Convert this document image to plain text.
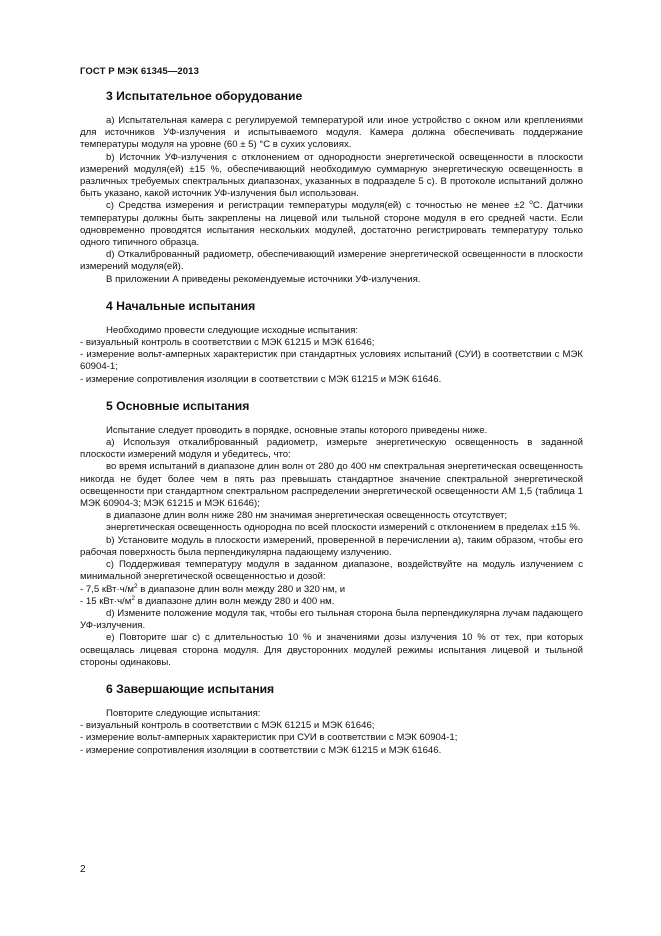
ГОСТ Р МЭК 61345—2013
3 Испытательное оборудование

a) Испытательная камера с регулируемой температурой или иное устройство с окном или креплениями для источников УФ-излучения и испытываемого модуля. Камера должна обеспечивать поддержание температуры модуля на уровне (60 ± 5) °С в сухих условиях.

b) Источник УФ-излучения с отклонением от однородности энергетической освещенности в плоскости измерений модуля(ей) ±15 %, обеспечивающий необходимую суммарную энергетическую освещенность в различных требуемых спектральных диапазонах, указанных в подразделе 5 с). В протоколе испытаний должно быть указано, какой источник УФ-излучения был использован.

c) Средства измерения и регистрации температуры модуля(ей) с точностью не менее ±2 $^о$С. Датчики температуры должны быть закреплены на лицевой или тыльной стороне модуля в его средней части. Если одновременно проводятся испытания нескольких модулей, достаточно регистрировать температуру только одного типичного образца.

d) Откалиброванный радиометр, обеспечивающий измерение энергетической освещенности в плоскости измерений модуля(ей).

В приложении А приведены рекомендуемые источники УФ-излучения.

4 Начальные испытания

Необходимо провести следующие исходные испытания:

- визуальный контроль в соответствии с МЭК 61215 и МЭК 61646;

- измерение вольт-амперных характеристик при стандартных условиях испытаний (СУИ) в соответствии с МЭК 60904-1;

- измерение сопротивления изоляции в соответствии с МЭК 61215 и МЭК 61646.

5 Основные испытания

Испытание следует проводить в порядке, основные этапы которого приведены ниже.

а) Используя откалиброванный радиометр, измерьте энергетическую освещенность в заданной плоскости измерений модуля и убедитесь, что:

во время испытаний в диапазоне длин волн от 280 до 400 нм спектральная энергетическая освещенность никогда не будет более чем в пять раз превышать стандартное значение спектральной энергетической освещенности при стандартном спектральном распределении энергетической освещенности АМ 1,5 (таблица 1 МЭК 60904-3; МЭК 61215 и МЭК 61646);

в диапазоне длин волн ниже 280 нм значимая энергетическая освещенность отсутствует;

энергетическая освещенность однородна по всей плоскости измерений с отклонением в пределах ±15 %.

b) Установите модуль в плоскости измерений, проверенной в перечислении а), таким образом, чтобы его рабочая поверхность была перпендикулярна падающему излучению.

с) Поддерживая температуру модуля в заданном диапазоне, воздействуйте на модуль излучением с минимальной энергетической освещенностью и дозой:

- 7,5 $кВт\cdot ч/м^2$ в диапазоне длин волн между 280 и 320 нм, и

- 15 $кВт\cdot ч/м^2$ в диапазоне длин волн между 280 и 400 нм.

d) Измените положение модуля так, чтобы его тыльная сторона была перпендикулярна лучам падающего УФ-излучения.

е) Повторите шаг с) с длительностью 10 % и значениями дозы излучения 10 % от тех, при которых освещалась лицевая сторона модуля. Для двусторонних модулей режимы испытания лицевой и тыльной стороны одинаковы.

6 Завершающие испытания

Повторите следующие испытания:

- визуальный контроль в соответствии с МЭК 61215 и МЭК 61646;

- измерение вольт-амперных характеристик при СУИ в соответствии с МЭК 60904-1;

- измерение сопротивления изоляции в соответствии с МЭК 61215 и МЭК 61646.

2
